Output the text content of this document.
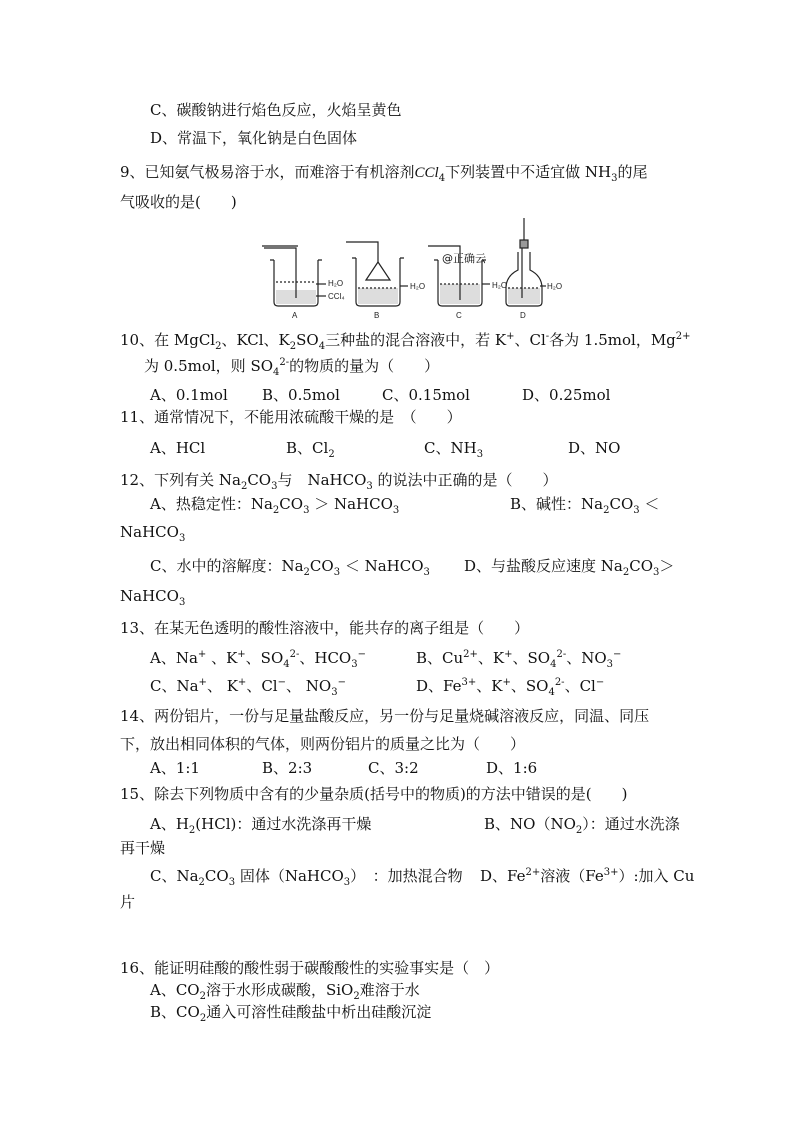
C、碳酸钠进行焰色反应，火焰呈黄色
D、常温下，氧化钠是白色固体
9、已知氨气极易溶于水，而难溶于有机溶剂CCl$_4$下列装置中不适宜做 $NH_3$的尾
气吸收的是(　　)
H₂O
CCl₄
A
H₂O
B
@正确云
H₂O
C
H₂O
D
10、在 MgCl$_2$、KCl、$K_2SO_4$三种盐的混合溶液中，若 K+、Cl-各为 1.5mol，$Mg^{2+}$
为 0.5mol，则 $SO_4^{2-}$的物质的量为（　　）
A、0.1mol B、0.5mol	C、0.15mol	D、0.25mol
11、通常情况下，不能用浓硫酸干燥的是　（　　）
A、HCl	B、$Cl_2$	C、$NH_3$	D、NO
12、下列有关 $Na_2CO_3$与　NaHCO$_3$ 的说法中正确的是（　　）
A、热稳定性：$Na_2CO_3$ ＞ NaHCO$_3$	B、碱性：$Na_2CO_3$ ＜
NaHCO$_3$
C、水中的溶解度：$Na_2CO_3$ ＜ NaHCO$_3$ D、与盐酸反应速度 $Na_2CO_3>$
NaHCO$_3$
13、在某无色透明的酸性溶液中，能共存的离子组是（　　）
A、Na+ 、K+、$SO_4^{2-}$、$HCO_3^-$	B、$Cu^{2+}$、K+、$SO_4^{2-}$、$NO_3^-$
C、Na+、 K+、Cl−、 $NO_3^-$	D、$Fe^{3+}$、K+、$SO_4^{2-}$、Cl−
14、两份铝片，一份与足量盐酸反应，另一份与足量烧碱溶液反应，同温、同压
下，放出相同体积的气体，则两份铝片的质量之比为（　　）
A、1:1	B、2:3	C、3:2	D、1:6
15、除去下列物质中含有的少量杂质(括号中的物质)的方法中错误的是(　　)
A、$H_2(HCl)$：通过水洗涤再干燥	B、$NO(NO_2)$：通过水洗涤
再干燥
C、$Na_2CO_3$ 固体（NaHCO$_3$）　：加热混合物 D、$Fe^{2+}$溶液$(Fe^{3+})$:加入 Cu
片
16、能证明硅酸的酸性弱于碳酸酸性的实验事实是（　）
A、$CO_2$溶于水形成碳酸，SiO$_2$难溶于水
B、$CO_2$通入可溶性硅酸盐中析出硅酸沉淀
